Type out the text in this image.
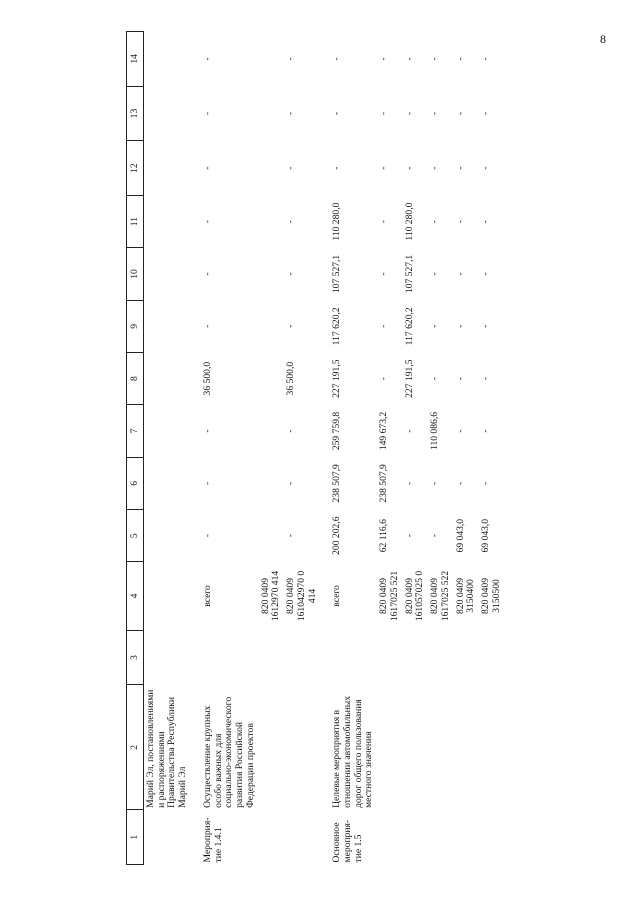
8
1	2	3	4	5	6	7	8	9	10	11	12	13	14
	Марий Эл, постановлениями и распоряжениями Правительства Республики Марий Эл												
Мероприя-тие 1.4.1	Осуществление крупных особо важных для социально-экономического развития Российской Федерации проектов		всего	-	-	-	36 500,0	-	-	-	-	-	-
			820 0409 1612970 414										
			820 0409 161042970 0 414	-	-	-	36 500,0	-	-	-	-	-	-
Основное мероприя-тие 1.5	Целевые мероприятия в отношении автомобильных дорог общего пользования местного значения		всего	200 202,6	238 507,9	259 759,8	227 191,5	117 620,2	107 527,1	110 280,0	-	-	-
			820 0409 1617025 521	62 116,6	238 507,9	149 673,2	-	-	-	-	-	-	-
			820 0409 161057025 0	-	-	-	227 191,5	117 620,2	107 527,1	110 280,0	-	-	-
			820 0409 1617025 522	-	-	110 086,6	-	-	-	-	-	-	-
			820 0409 3150400	69 043,0	-	-	-	-	-	-	-	-	-
			820 0409 3150500	69 043,0	-	-	-	-	-	-	-	-	-
